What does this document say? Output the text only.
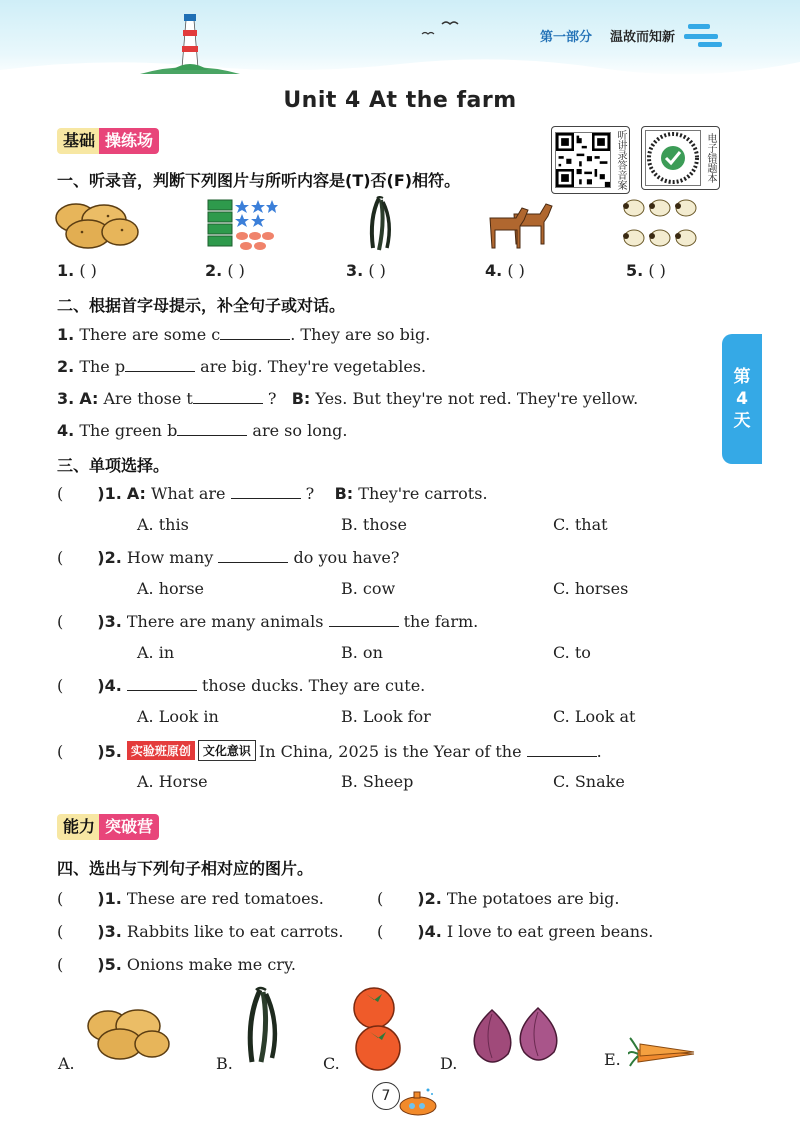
第一部分 温故而知新
Unit 4 At the farm
基础 操练场	听讲录答音案	电子错题本
一、听录音，判断下列图片与所听内容是(T)否(F)相符。
1. ( )	2. ( )	3. ( )	4. ( )	5. ( )
二、根据首字母提示，补全句子或对话。
1. There are some c	. They are so big.
2. The p	are big. They're vegetables.
3. A: Are those t	? B: Yes. But they're not red. They're yellow.
4. The green b	are so long.
第4天
三、单项选择。
( )1. A: What are	? B: They're carrots.
A. this	B. those	C. that
( )2. How many	do you have?
A. horse	B. cow	C. horses
( )3. There are many animals	the farm.
A. in	B. on	C. to
( )4.	those ducks. They are cute.
A. Look in	B. Look for	C. Look at
( )5. 实验班原创 文化意识 In China, 2025 is the Year of the	.
A. Horse	B. Sheep	C. Snake
能力 突破营
四、选出与下列句子相对应的图片。
( )1. These are red tomatoes.	( )2. The potatoes are big.
( )3. Rabbits like to eat carrots. ( )4. I love to eat green beans.
( )5. Onions make me cry.
A.	B.	C.	D.	E.
7
